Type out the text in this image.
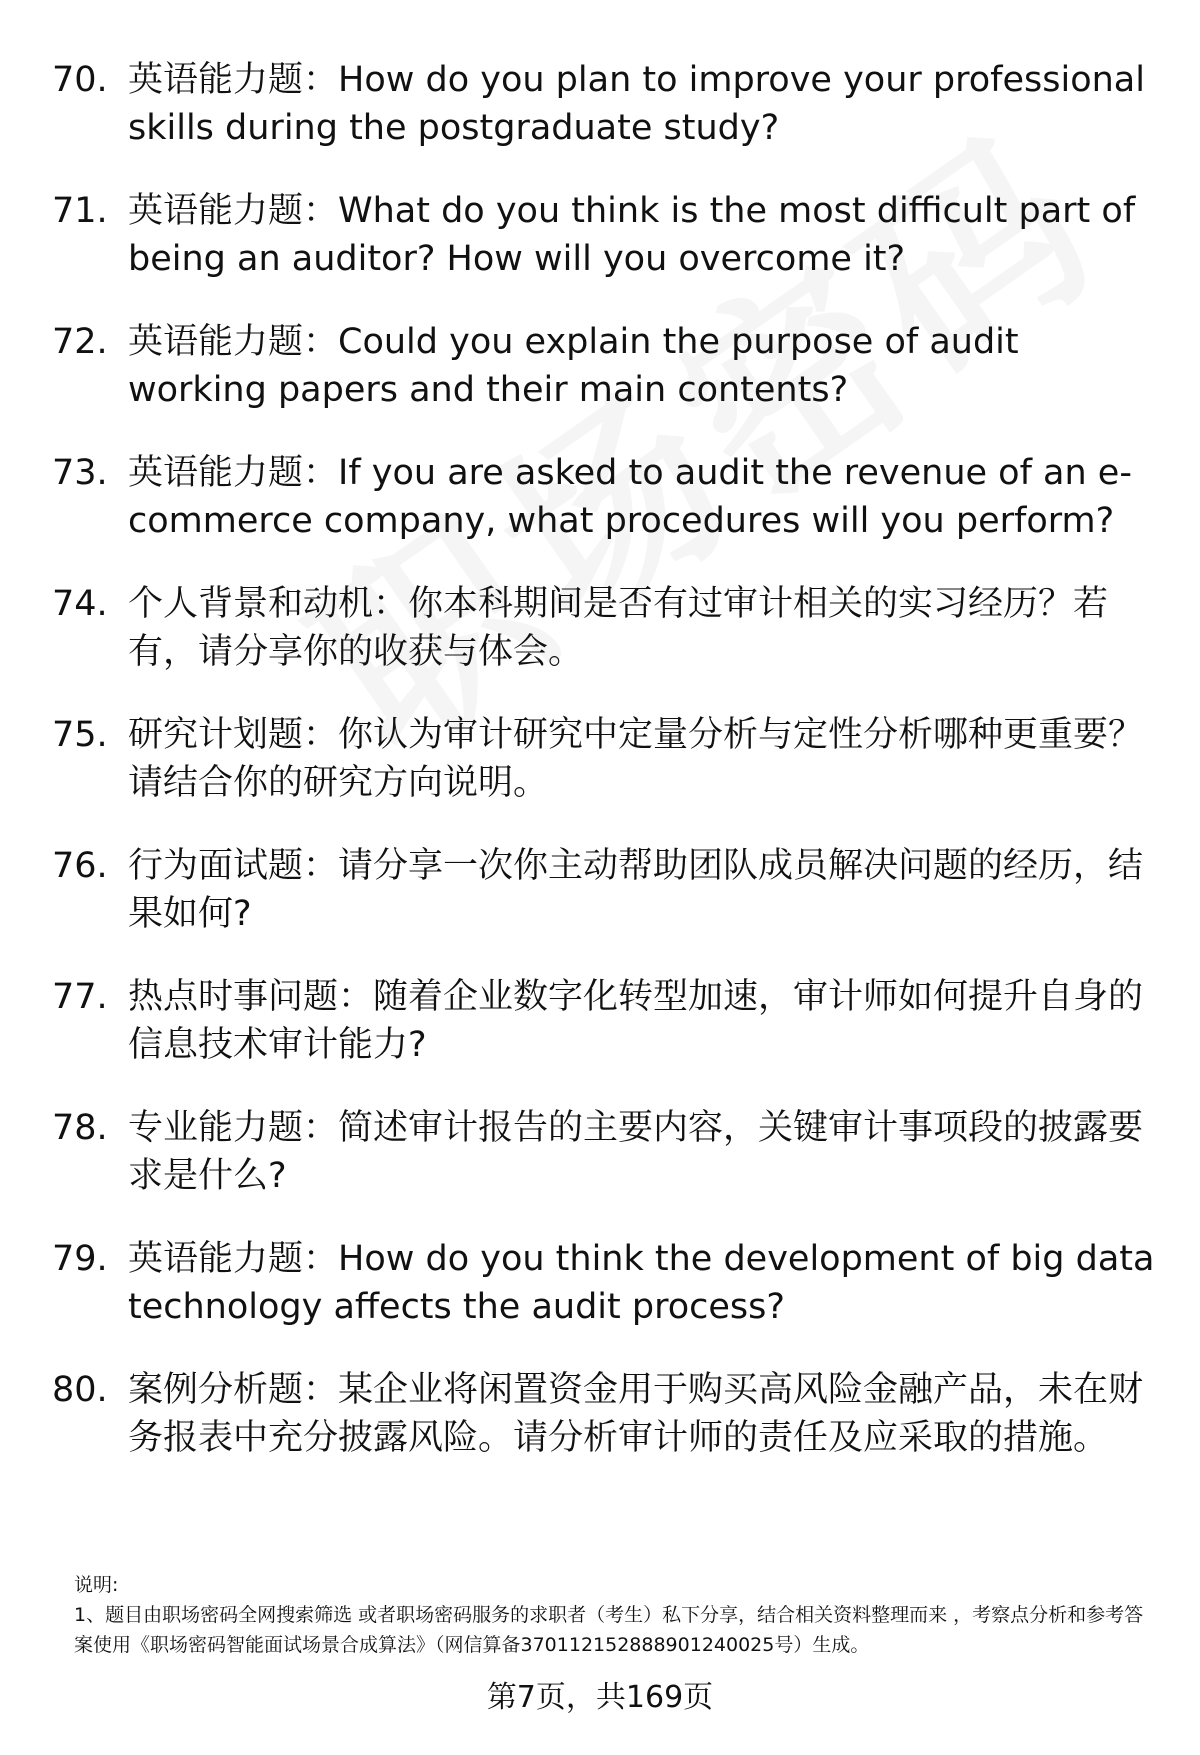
70. 英语能力题：How do you plan to improve your professional skills during the postgraduate study?
71. 英语能力题：What do you think is the most difficult part of being an auditor? How will you overcome it?
72. 英语能力题：Could you explain the purpose of audit working papers and their main contents?
73. 英语能力题：If you are asked to audit the revenue of an e-commerce company, what procedures will you perform?
74. 个人背景和动机：你本科期间是否有过审计相关的实习经历？若有，请分享你的收获与体会。
75. 研究计划题：你认为审计研究中定量分析与定性分析哪种更重要？请结合你的研究方向说明。
76. 行为面试题：请分享一次你主动帮助团队成员解决问题的经历，结果如何?
77. 热点时事问题：随着企业数字化转型加速，审计师如何提升自身的信息技术审计能力?
78. 专业能力题：简述审计报告的主要内容，关键审计事项段的披露要求是什么?
79. 英语能力题：How do you think the development of big data technology affects the audit process?
80. 案例分析题：某企业将闲置资金用于购买高风险金融产品，未在财务报表中充分披露风险。请分析审计师的责任及应采取的措施。

说明:

1、题目由职场密码全网搜索筛选 或者职场密码服务的求职者（考生）私下分享，结合相关资料整理而来 ，考察点分析和参考答案使用《职场密码智能面试场景合成算法》（网信算备370112152888901240025号）生成。

第7页，共169页
